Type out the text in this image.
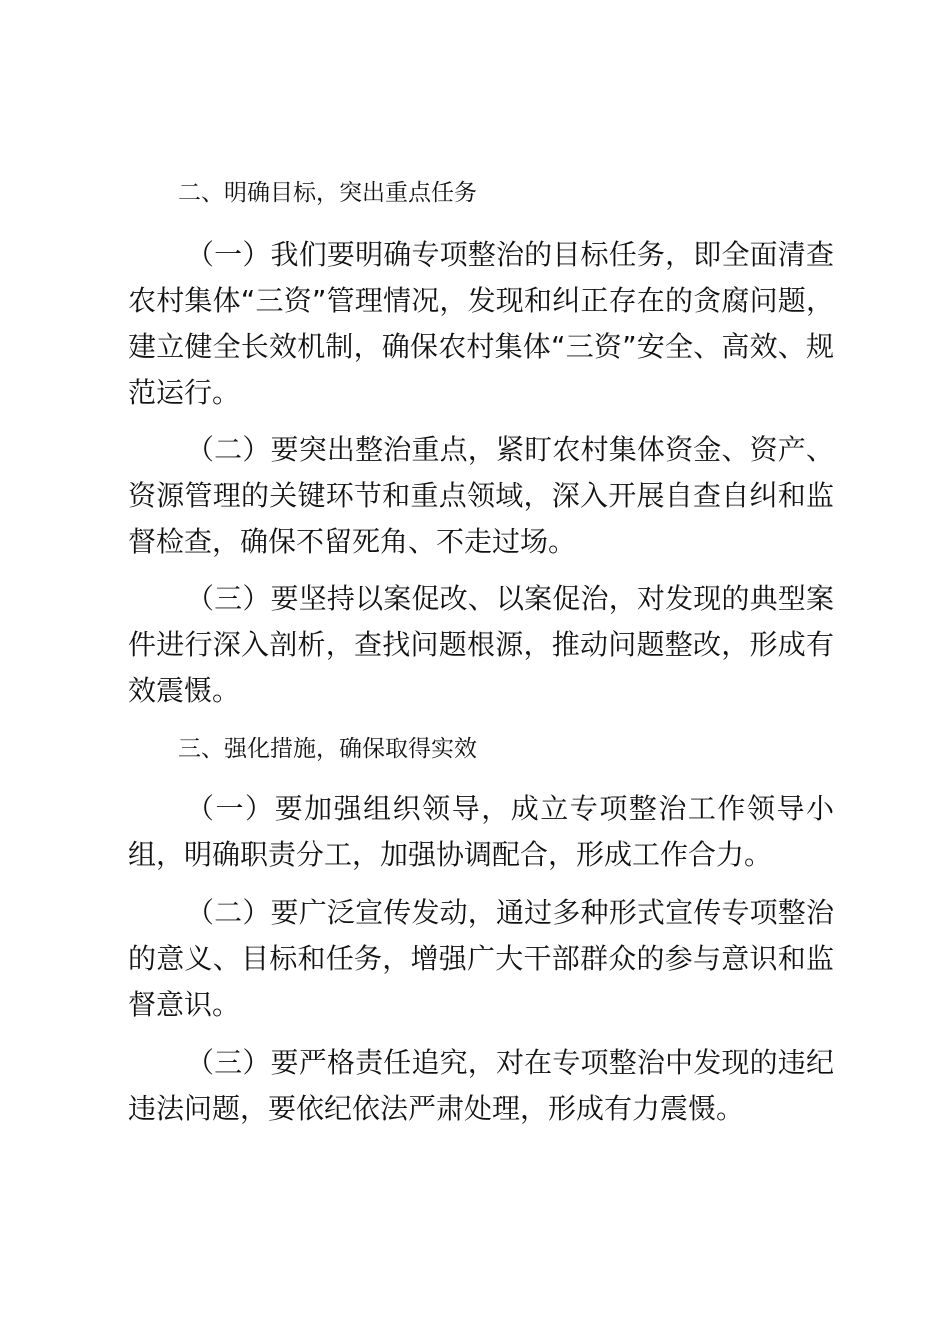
二、明确目标，突出重点任务

（一）我们要明确专项整治的目标任务，即全面清查农村集体“三资”管理情况，发现和纠正存在的贪腐问题，建立健全长效机制，确保农村集体“三资”安全、高效、规范运行。

（二）要突出整治重点，紧盯农村集体资金、资产、资源管理的关键环节和重点领域，深入开展自查自纠和监督检查，确保不留死角、不走过场。

（三）要坚持以案促改、以案促治，对发现的典型案件进行深入剖析，查找问题根源，推动问题整改，形成有效震慑。

三、强化措施，确保取得实效

（一）要加强组织领导，成立专项整治工作领导小组，明确职责分工，加强协调配合，形成工作合力。

（二）要广泛宣传发动，通过多种形式宣传专项整治的意义、目标和任务，增强广大干部群众的参与意识和监督意识。

（三）要严格责任追究，对在专项整治中发现的违纪违法问题，要依纪依法严肃处理，形成有力震慑。
